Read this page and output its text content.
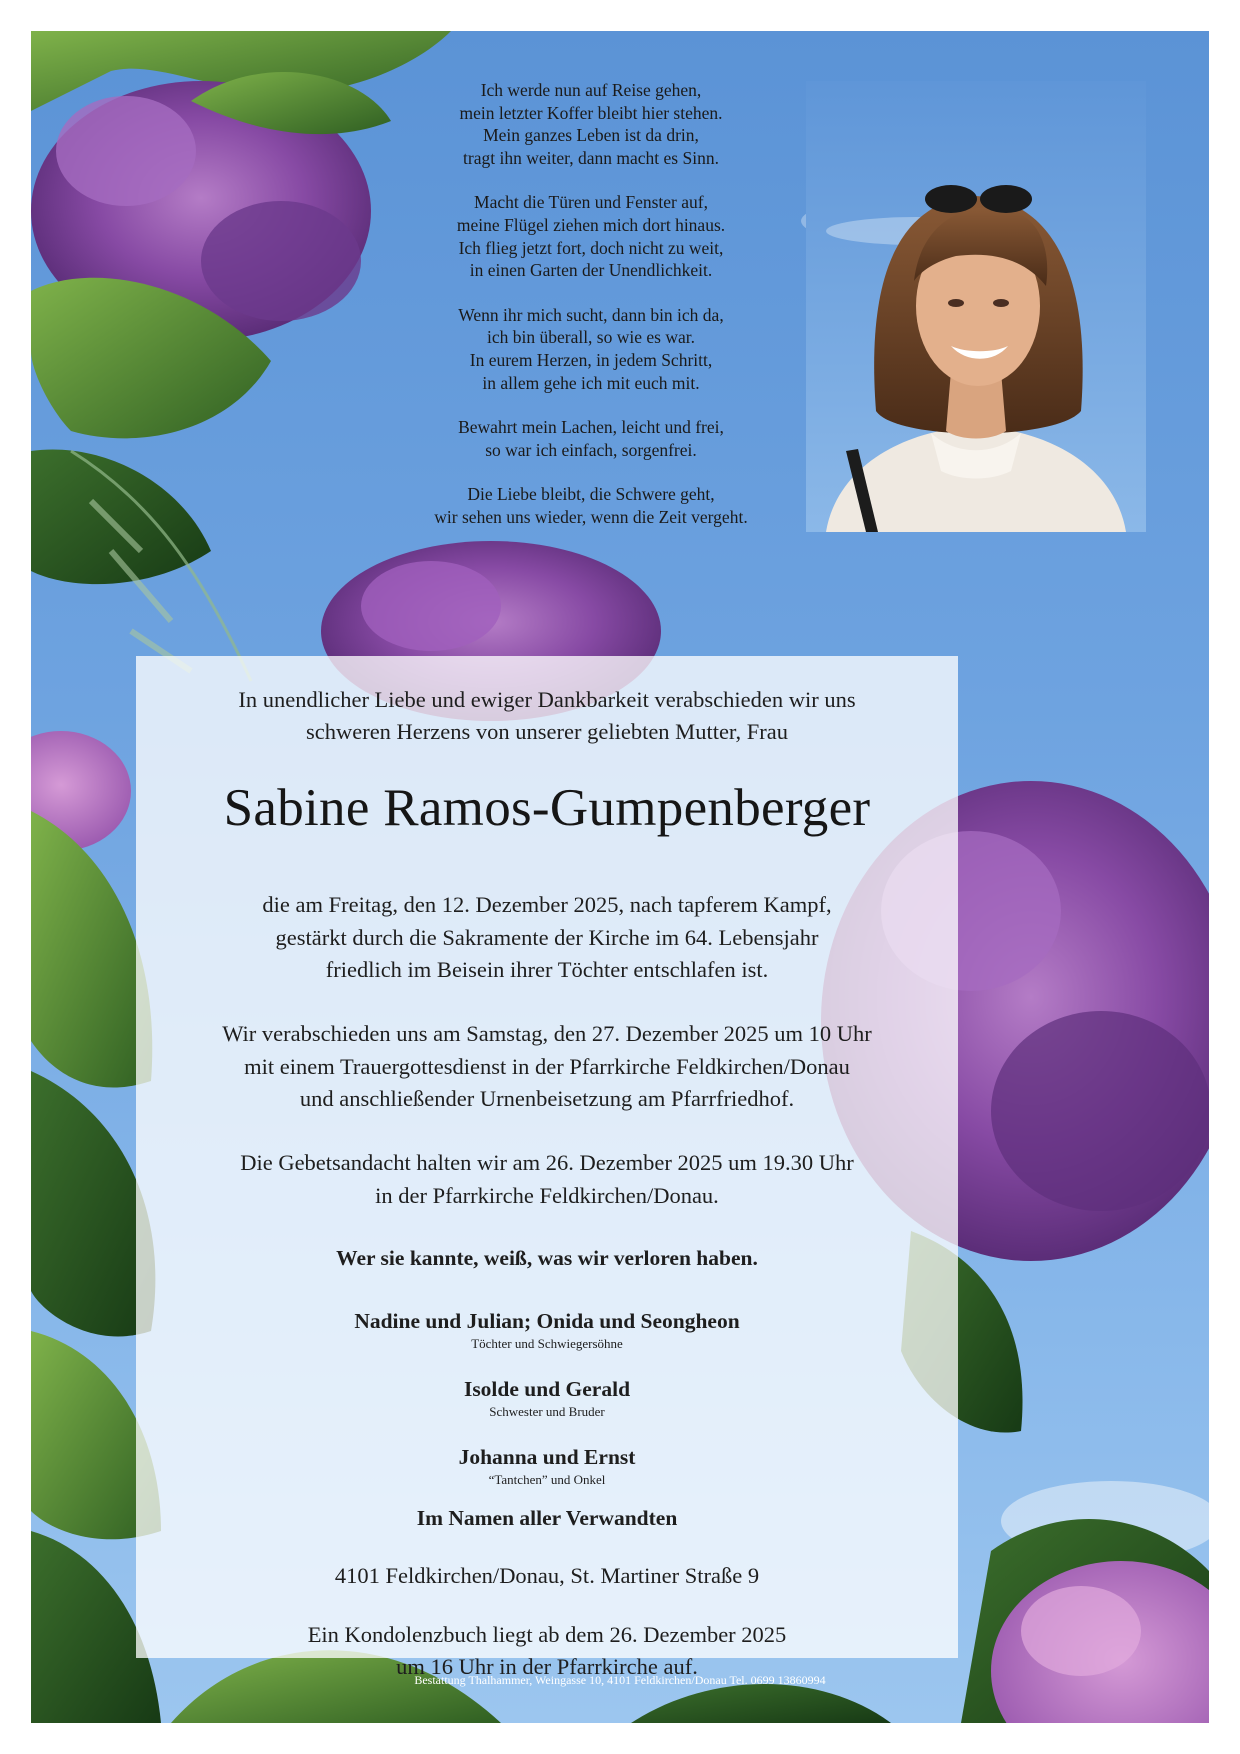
Ich werde nun auf Reise gehen,
mein letzter Koffer bleibt hier stehen.
Mein ganzes Leben ist da drin,
tragt ihn weiter, dann macht es Sinn.
Macht die Türen und Fenster auf,
meine Flügel ziehen mich dort hinaus.
Ich flieg jetzt fort, doch nicht zu weit,
in einen Garten der Unendlichkeit.
Wenn ihr mich sucht, dann bin ich da,
ich bin überall, so wie es war.
In eurem Herzen, in jedem Schritt,
in allem gehe ich mit euch mit.
Bewahrt mein Lachen, leicht und frei,
so war ich einfach, sorgenfrei.
Die Liebe bleibt, die Schwere geht,
wir sehen uns wieder, wenn die Zeit vergeht.
In unendlicher Liebe und ewiger Dankbarkeit verabschieden wir uns
schweren Herzens von unserer geliebten Mutter, Frau
Sabine Ramos-Gumpenberger
die am Freitag, den 12. Dezember 2025, nach tapferem Kampf,
gestärkt durch die Sakramente der Kirche im 64. Lebensjahr
friedlich im Beisein ihrer Töchter entschlafen ist.
Wir verabschieden uns am Samstag, den 27. Dezember 2025 um 10 Uhr
mit einem Trauergottesdienst in der Pfarrkirche Feldkirchen/Donau
und anschließender Urnenbeisetzung am Pfarrfriedhof.
Die Gebetsandacht halten wir am 26. Dezember 2025 um 19.30 Uhr
in der Pfarrkirche Feldkirchen/Donau.
Wer sie kannte, weiß, was wir verloren haben.
Nadine und Julian; Onida und Seongheon
Töchter und Schwiegersöhne
Isolde und Gerald
Schwester und Bruder
Johanna und Ernst
“Tantchen” und Onkel
Im Namen aller Verwandten
4101 Feldkirchen/Donau, St. Martiner Straße 9
Ein Kondolenzbuch liegt ab dem 26. Dezember 2025
um 16 Uhr in der Pfarrkirche auf.
Bestattung Thalhammer, Weingasse 10, 4101 Feldkirchen/Donau Tel. 0699 13860994
